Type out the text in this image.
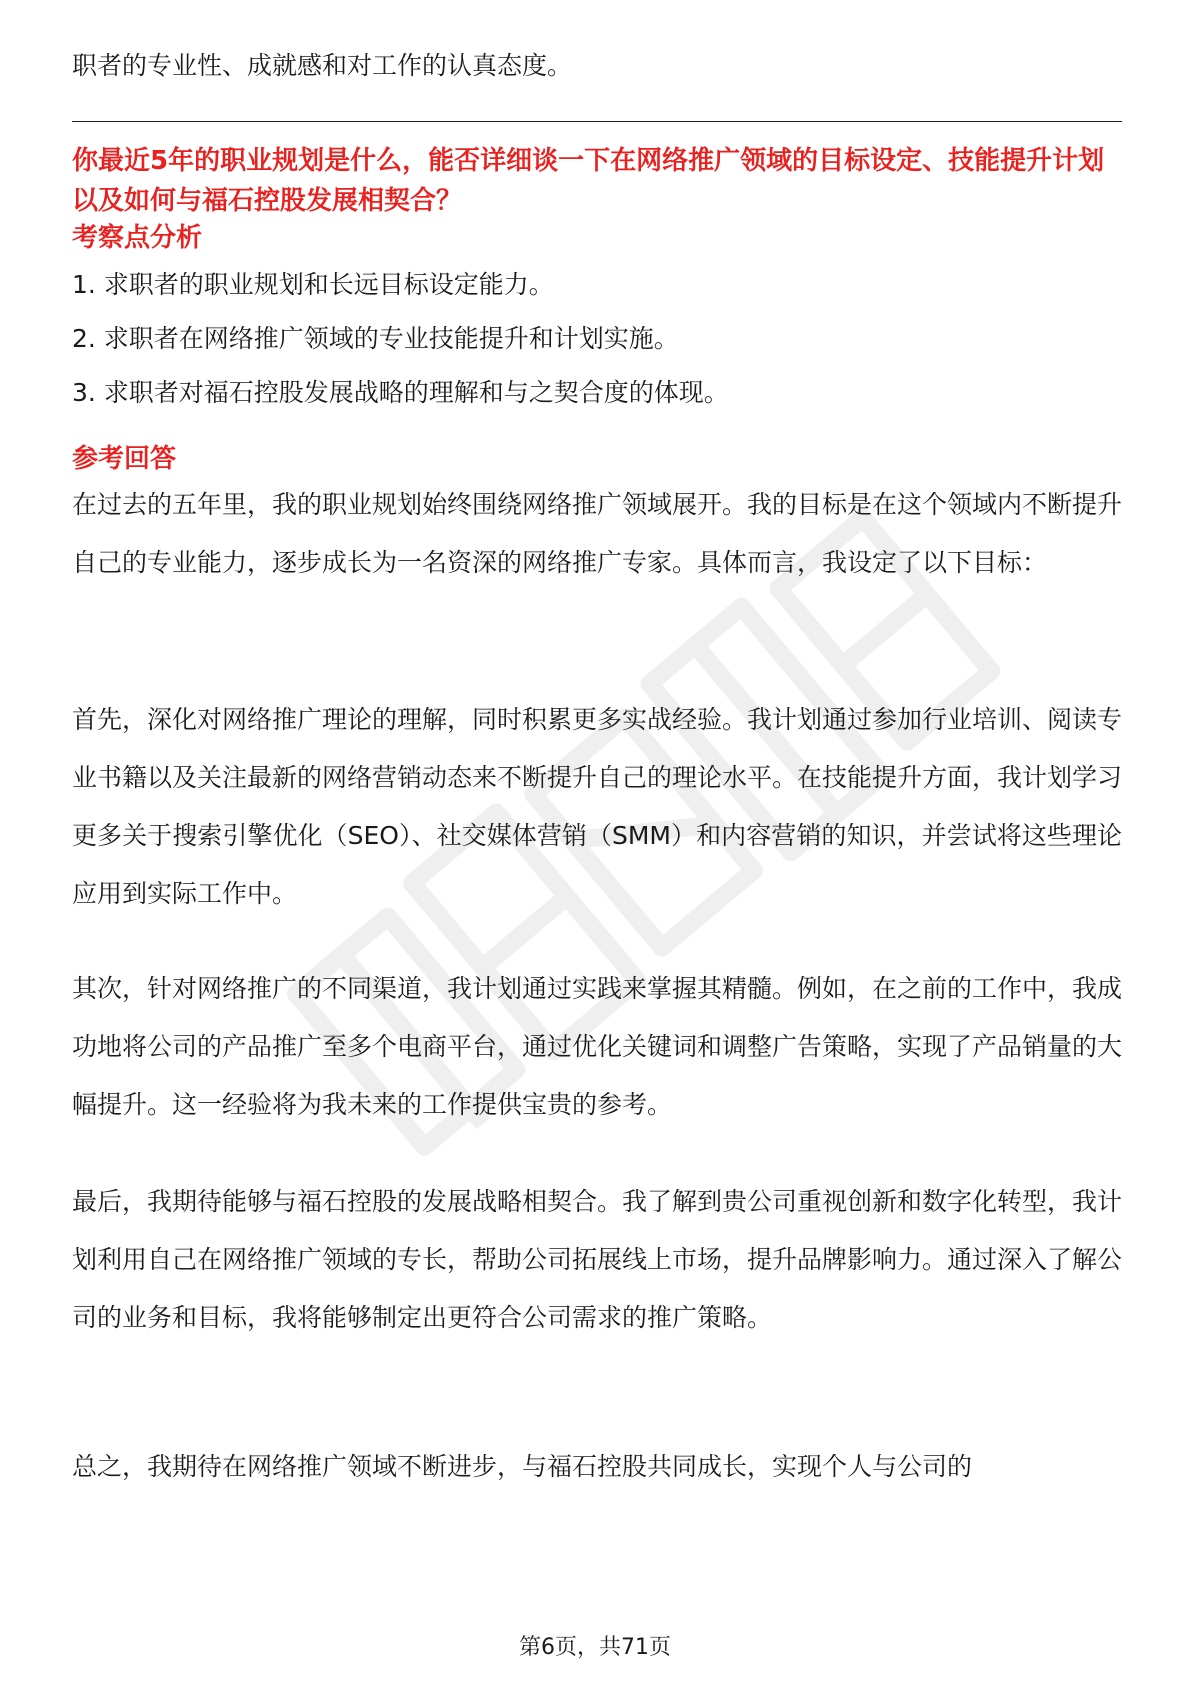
职者的专业性、成就感和对工作的认真态度。

你最近5年的职业规划是什么，能否详细谈一下在网络推广领域的目标设定、技能提升计划以及如何与福石控股发展相契合？

考察点分析

1. 求职者的职业规划和长远目标设定能力。

2. 求职者在网络推广领域的专业技能提升和计划实施。

3. 求职者对福石控股发展战略的理解和与之契合度的体现。

参考回答

在过去的五年里，我的职业规划始终围绕网络推广领域展开。我的目标是在这个领域内不断提升自己的专业能力，逐步成长为一名资深的网络推广专家。具体而言，我设定了以下目标：

首先，深化对网络推广理论的理解，同时积累更多实战经验。我计划通过参加行业培训、阅读专业书籍以及关注最新的网络营销动态来不断提升自己的理论水平。在技能提升方面，我计划学习更多关于搜索引擎优化（SEO）、社交媒体营销（SMM）和内容营销的知识，并尝试将这些理论应用到实际工作中。

其次，针对网络推广的不同渠道，我计划通过实践来掌握其精髓。例如，在之前的工作中，我成功地将公司的产品推广至多个电商平台，通过优化关键词和调整广告策略，实现了产品销量的大幅提升。这一经验将为我未来的工作提供宝贵的参考。

最后，我期待能够与福石控股的发展战略相契合。我了解到贵公司重视创新和数字化转型，我计划利用自己在网络推广领域的专长，帮助公司拓展线上市场，提升品牌影响力。通过深入了解公司的业务和目标，我将能够制定出更符合公司需求的推广策略。

总之，我期待在网络推广领域不断进步，与福石控股共同成长，实现个人与公司的

第6页，共71页
